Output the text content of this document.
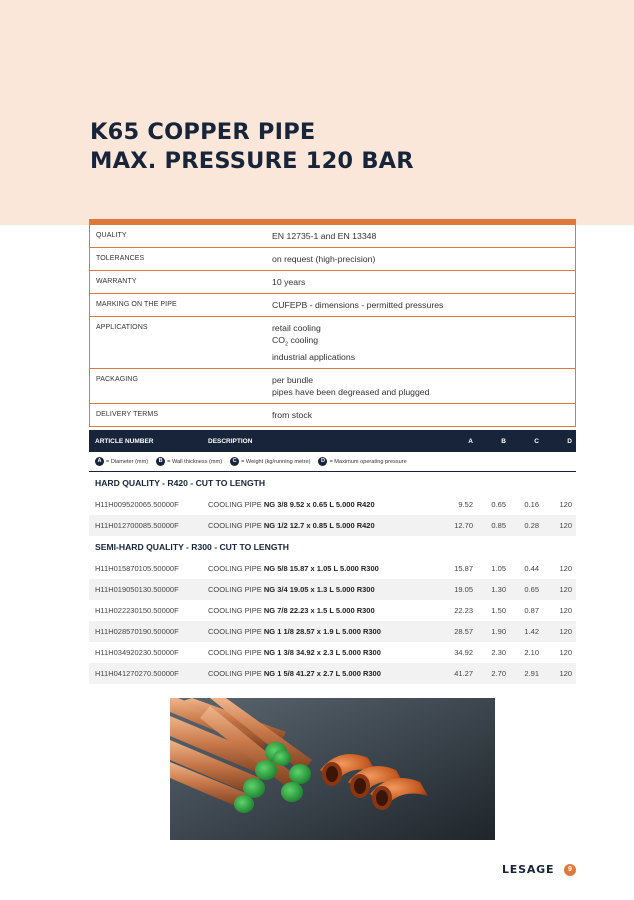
K65 COPPER PIPE
MAX. PRESSURE 120 BAR
QUALITY	EN 12735-1 and EN 13348
TOLERANCES	on request (high-precision)
WARRANTY	10 years
MARKING ON THE PIPE	CUFEPB - dimensions - permitted pressures
APPLICATIONS	retail cooling
$CO_2$ cooling
industrial applications
PACKAGING	per bundle
pipes have been degreased and plugged
DELIVERY TERMS	from stock
ARTICLE NUMBER	DESCRIPTION	A	B	C	D
A = Diameter (mm)	B = Wall thickness (mm)	C = Weight (kg/running metre)	D = Maximum operating pressure
HARD QUALITY - R420 - CUT TO LENGTH
H11H009520065.50000F	COOLING PIPE NG 3/8 9.52 x 0.65 L 5.000 R420	9.52	0.65	0.16	120
H11H012700085.50000F	COOLING PIPE NG 1/2 12.7 x 0.85 L 5.000 R420	12.70	0.85	0.28	120
SEMI-HARD QUALITY - R300 - CUT TO LENGTH
H11H015870105.50000F	COOLING PIPE NG 5/8 15.87 x 1.05 L 5.000 R300	15.87	1.05	0.44	120
H11H019050130.50000F	COOLING PIPE NG 3/4 19.05 x 1.3 L 5.000 R300	19.05	1.30	0.65	120
H11H022230150.50000F	COOLING PIPE NG 7/8 22.23 x 1.5 L 5.000 R300	22.23	1.50	0.87	120
H11H028570190.50000F	COOLING PIPE NG 1 1/8 28.57 x 1.9 L 5.000 R300	28.57	1.90	1.42	120
H11H034920230.50000F	COOLING PIPE NG 1 3/8 34.92 x 2.3 L 5.000 R300	34.92	2.30	2.10	120
H11H041270270.50000F	COOLING PIPE NG 1 5/8 41.27 x 2.7 L 5.000 R300	41.27	2.70	2.91	120
LESAGE	9
